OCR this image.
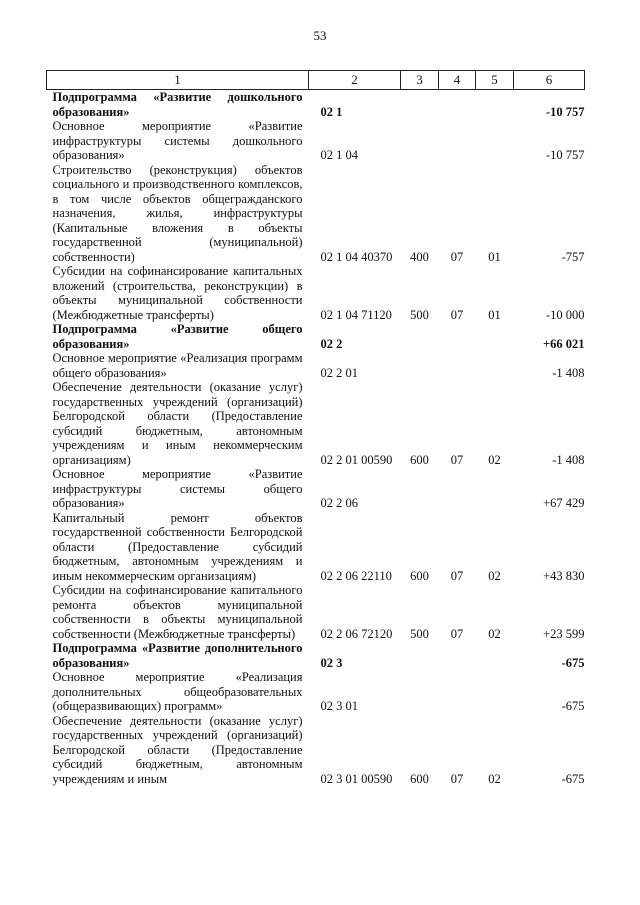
53
1	2	3	4	5	6
Подпрограмма «Развитие дошкольного образования»	02 1				-10 757
Основное мероприятие «Развитие инфраструктуры системы дошкольного образования»	02 1 04				-10 757
Строительство (реконструкция) объектов социального и производственного комплексов, в том числе объектов общегражданского назначения, жилья, инфраструктуры (Капитальные вложения в объекты государственной (муниципальной) собственности)	02 1 04 40370	400	07	01	-757
Субсидии на софинансирование капитальных вложений (строительства, реконструкции) в объекты муниципальной собственности (Межбюджетные трансферты)	02 1 04 71120	500	07	01	-10 000
Подпрограмма «Развитие общего образования»	02 2				+66 021
Основное мероприятие «Реализация программ общего образования»	02 2 01				-1 408
Обеспечение деятельности (оказание услуг) государственных учреждений (организаций) Белгородской области (Предоставление субсидий бюджетным, автономным учреждениям и иным некоммерческим организациям)	02 2 01 00590	600	07	02	-1 408
Основное мероприятие «Развитие инфраструктуры системы общего образования»	02 2 06				+67 429
Капитальный ремонт объектов государственной собственности Белгородской области (Предоставление субсидий бюджетным, автономным учреждениям и иным некоммерческим организациям)	02 2 06 22110	600	07	02	+43 830
Субсидии на софинансирование капитального ремонта объектов муниципальной собственности в объекты муниципальной собственности (Межбюджетные трансферты)	02 2 06 72120	500	07	02	+23 599
Подпрограмма «Развитие дополнительного образования»	02 3				-675
Основное мероприятие «Реализация дополнительных общеобразовательных (общеразвивающих) программ»	02 3 01				-675
Обеспечение деятельности (оказание услуг) государственных учреждений (организаций) Белгородской области (Предоставление субсидий бюджетным, автономным учреждениям и иным	02 3 01 00590	600	07	02	-675
